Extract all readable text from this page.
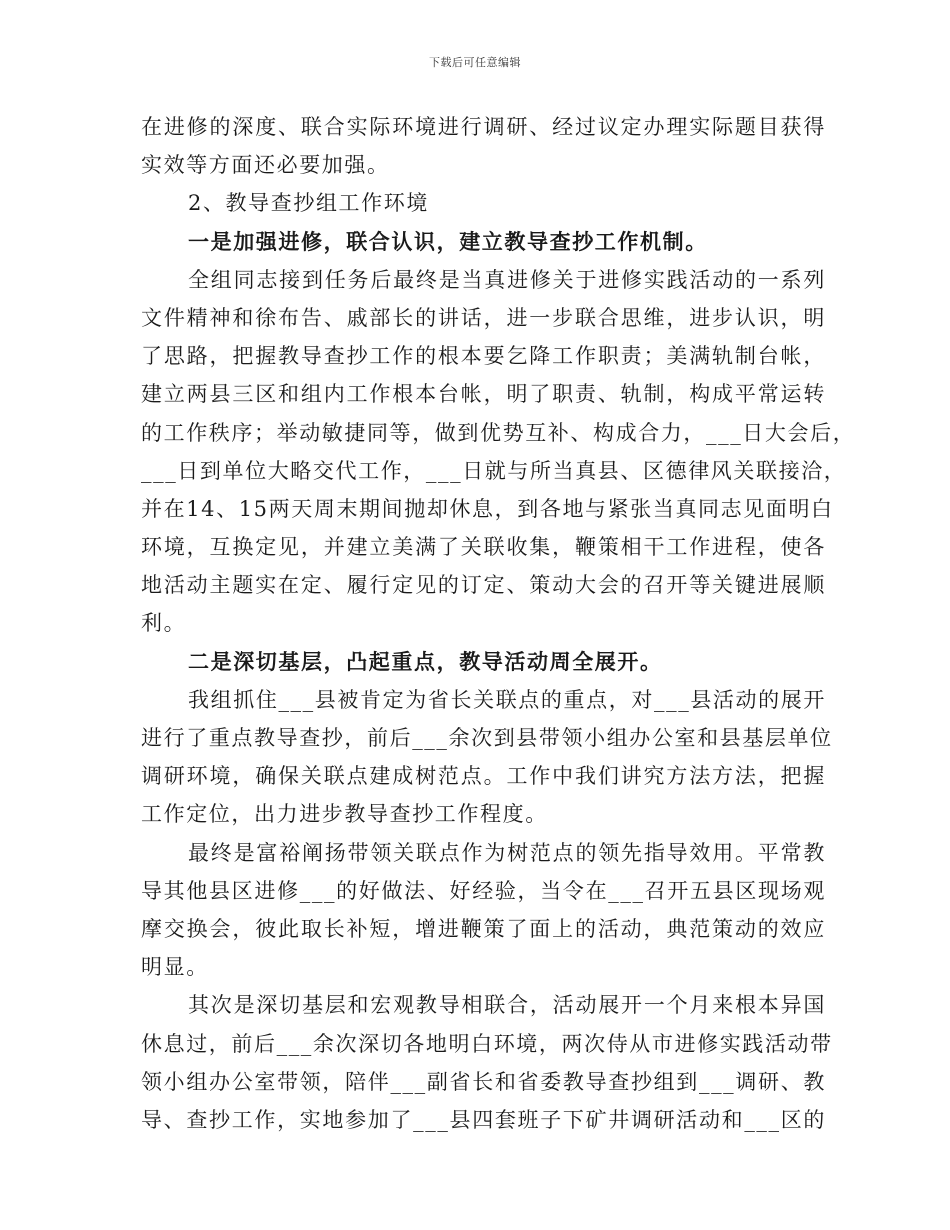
下载后可任意编辑
在进修的深度、联合实际环境进行调研、经过议定办理实际题目获得
实效等方面还必要加强。
2、教导查抄组工作环境
一是加强进修，联合认识，建立教导查抄工作机制。
全组同志接到任务后最终是当真进修关于进修实践活动的一系列
文件精神和徐布告、戚部长的讲话，进一步联合思维，进步认识，明
了思路，把握教导查抄工作的根本要乞降工作职责；美满轨制台帐，
建立两县三区和组内工作根本台帐，明了职责、轨制，构成平常运转
的工作秩序；举动敏捷同等，做到优势互补、构成合力，___日大会后，
___日到单位大略交代工作，___日就与所当真县、区德律风关联接洽，
并在14、15两天周末期间抛却休息，到各地与紧张当真同志见面明白
环境，互换定见，并建立美满了关联收集，鞭策相干工作进程，使各
地活动主题实在定、履行定见的订定、策动大会的召开等关键进展顺
利。
二是深切基层，凸起重点，教导活动周全展开。
我组抓住___县被肯定为省长关联点的重点，对___县活动的展开
进行了重点教导查抄，前后___余次到县带领小组办公室和县基层单位
调研环境，确保关联点建成树范点。工作中我们讲究方法方法，把握
工作定位，出力进步教导查抄工作程度。
最终是富裕阐扬带领关联点作为树范点的领先指导效用。平常教
导其他县区进修___的好做法、好经验，当令在___召开五县区现场观
摩交换会，彼此取长补短，增进鞭策了面上的活动，典范策动的效应
明显。
其次是深切基层和宏观教导相联合，活动展开一个月来根本异国
休息过，前后___余次深切各地明白环境，两次侍从市进修实践活动带
领小组办公室带领，陪伴___副省长和省委教导查抄组到___调研、教
导、查抄工作，实地参加了___县四套班子下矿井调研活动和___区的
